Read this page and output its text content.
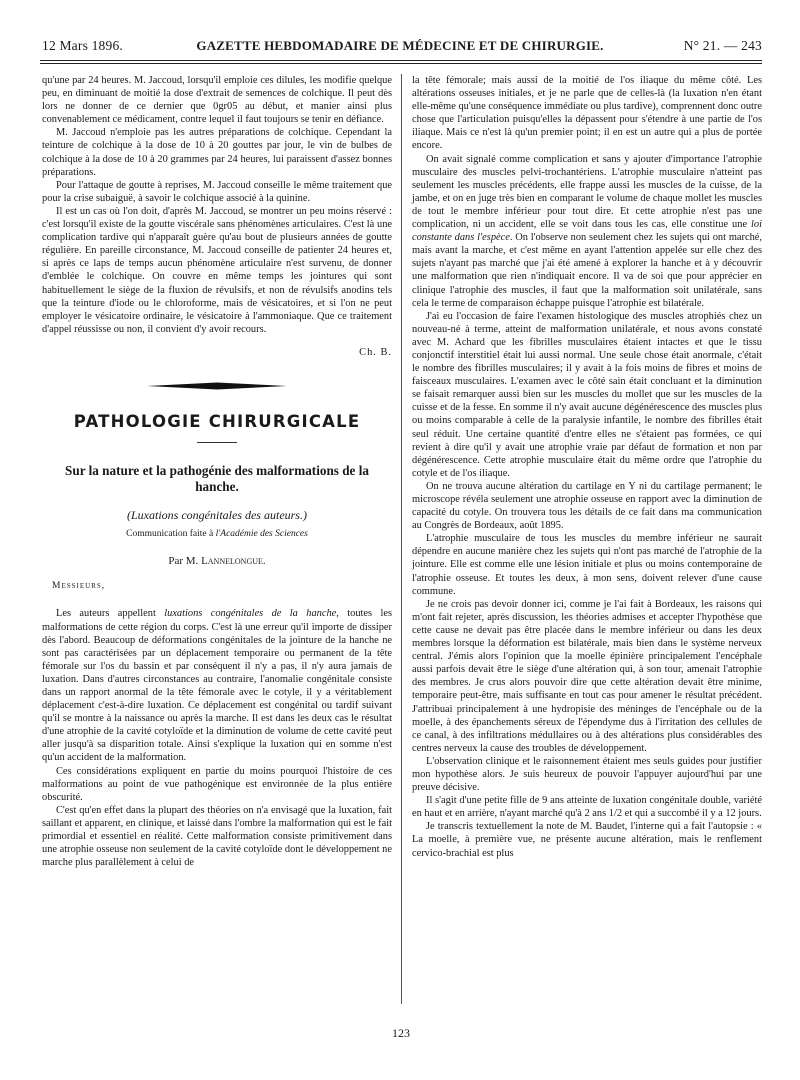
12 Mars 1896.	GAZETTE HEBDOMADAIRE DE MÉDECINE ET DE CHIRURGIE.	N° 21. — 243

qu'une par 24 heures. M. Jaccoud, lorsqu'il emploie ces dilules, les modifie quelque peu, en diminuant de moitié la dose d'extrait de semences de colchique. Il peut dès lors ne donner de ce dernier que 0gr05 au début, et manier ainsi plus convenablement ce médicament, contre lequel il faut toujours se tenir en défiance.

M. Jaccoud n'emploie pas les autres préparations de colchique. Cependant la teinture de colchique à la dose de 10 à 20 gouttes par jour, le vin de bulbes de colchique à la dose de 10 à 20 grammes par 24 heures, lui paraissent d'assez bonnes préparations.

Pour l'attaque de goutte à reprises, M. Jaccoud conseille le même traitement que pour la crise subaiguë, à savoir le colchique associé à la quinine.

Il est un cas où l'on doit, d'après M. Jaccoud, se montrer un peu moins réservé : c'est lorsqu'il existe de la goutte viscérale sans phénomènes articulaires. C'est là une complication tardive qui n'apparaît guère qu'au bout de plusieurs années de goutte régulière. En pareille circonstance, M. Jaccoud conseille de patienter 24 heures et, si après ce laps de temps aucun phénomène articulaire n'est survenu, de donner d'emblée le colchique. On couvre en même temps les jointures qui sont habituellement le siège de la fluxion de révulsifs, et non de révulsifs anodins tels que la teinture d'iode ou le chloroforme, mais de vésicatoires, et si l'on ne peut employer le vésicatoire ordinaire, le vésicatoire à l'ammoniaque. Que ce traitement d'appel réussisse ou non, il convient d'y avoir recours.

Ch. B.
PATHOLOGIE CHIRURGICALE
Sur la nature et la pathogénie des malformations de la hanche.
(Luxations congénitales des auteurs.)
Communication faite à l'Académie des Sciences
Par M. Lannelongue.
Messieurs,

Les auteurs appellent luxations congénitales de la hanche, toutes les malformations de cette région du corps. C'est là une erreur qu'il importe de dissiper dès l'abord. Beaucoup de déformations congénitales de la jointure de la hanche ne sont pas caractérisées par un déplacement temporaire ou permanent de la tête fémorale sur l'os du bassin et par conséquent il n'y a pas, il n'y aura jamais de luxation. Dans d'autres circonstances au contraire, l'anomalie congénitale consiste dans un rapport anormal de la tête fémorale avec le cotyle, il y a véritablement déplacement c'est-à-dire luxation. Ce déplacement est congénital ou tardif suivant qu'il se montre à la naissance ou après la marche. Il est dans les deux cas le résultat d'une atrophie de la cavité cotyloïde et la diminution de volume de cette cavité peut aller jusqu'à sa disparition totale. Ainsi s'explique la luxation qui en somme n'est qu'un accident de la malformation.

Ces considérations expliquent en partie du moins pourquoi l'histoire de ces malformations au point de vue pathogénique est environnée de la plus entière obscurité.

C'est qu'en effet dans la plupart des théories on n'a envisagé que la luxation, fait saillant et apparent, en clinique, et laissé dans l'ombre la malformation qui est le fait primordial et essentiel en réalité. Cette malformation consiste primitivement dans une atrophie osseuse non seulement de la cavité cotyloïde dont le développement ne marche plus parallèlement à celui de

la tête fémorale; mais aussi de la moitié de l'os iliaque du même côté. Les altérations osseuses initiales, et je ne parle que de celles-là (la luxation n'en étant elle-même qu'une conséquence immédiate ou plus tardive), comprennent donc outre chose que l'articulation puisqu'elles la dépassent pour s'étendre à une partie de l'os iliaque. Mais ce n'est là qu'un premier point; il en est un autre qui a plus de portée encore.

On avait signalé comme complication et sans y ajouter d'importance l'atrophie musculaire des muscles pelvi-trochantériens. L'atrophie musculaire n'atteint pas seulement les muscles précédents, elle frappe aussi les muscles de la cuisse, de la jambe, et on en juge très bien en comparant le volume de chaque mollet les muscles de tout le membre inférieur pour tout dire. Et cette atrophie n'est pas une complication, ni un accident, elle se voit dans tous les cas, elle constitue une loi constante dans l'espèce. On l'observe non seulement chez les sujets qui ont marché, mais avant la marche, et c'est même en ayant l'attention appelée sur elle chez des sujets n'ayant pas marché que j'ai été amené à explorer la hanche et à y découvrir une malformation que rien n'indiquait encore. Il va de soi que pour apprécier en clinique l'atrophie des muscles, il faut que la malformation soit unilatérale, sans cela le terme de comparaison échappe puisque l'atrophie est bilatérale.

J'ai eu l'occasion de faire l'examen histologique des muscles atrophiés chez un nouveau-né à terme, atteint de malformation unilatérale, et nous avons constaté avec M. Achard que les fibrilles musculaires étaient intactes et que le tissu conjonctif interstitiel était lui aussi normal. Une seule chose était anormale, c'était le nombre des fibrilles musculaires; il y avait à la fois moins de fibres et moins de faisceaux musculaires. L'examen avec le côté sain était concluant et la diminution se faisait remarquer aussi bien sur les muscles du mollet que sur les muscles de la cuisse et de la fesse. En somme il n'y avait aucune dégénérescence des muscles plus ou moins comparable à celle de la paralysie infantile, le nombre des fibrilles était seul réduit. Une certaine quantité d'entre elles ne s'étaient pas formées, ce qui revient à dire qu'il y avait une atrophie vraie par défaut de formation et non par dégénérescence. Cette atrophie musculaire était du même ordre que l'atrophie du cotyle et de l'os iliaque.

On ne trouva aucune altération du cartilage en Y ni du cartilage permanent; le microscope révéla seulement une atrophie osseuse en rapport avec la diminution de capacité du cotyle. On trouvera tous les détails de ce fait dans ma communication au Congrès de Bordeaux, août 1895.

L'atrophie musculaire de tous les muscles du membre inférieur ne saurait dépendre en aucune manière chez les sujets qui n'ont pas marché de l'atrophie de la jointure. Elle est comme elle une lésion initiale et plus ou moins contemporaine de l'atrophie osseuse. Et toutes les deux, à mon sens, doivent relever d'une cause commune.

Je ne crois pas devoir donner ici, comme je l'ai fait à Bordeaux, les raisons qui m'ont fait rejeter, après discussion, les théories admises et accepter l'hypothèse que cette cause ne devait pas être placée dans le membre inférieur ou dans les deux membres lorsque la déformation est bilatérale, mais bien dans le système nerveux central. J'émis alors l'opinion que la moelle épinière principalement l'encéphale aussi parfois devait être le siège d'une altération qui, à son tour, amenait l'atrophie des membres. Je crus alors pouvoir dire que cette altération devait être minime, temporaire peut-être, mais suffisante en tout cas pour amener le résultat précédent. J'attribuai principalement à une hydropisie des méninges de l'encéphale ou de la moelle, à des épanchements séreux de l'épendyme dus à l'irritation des cellules de ce canal, à des infiltrations médullaires ou à des altérations plus considérables des centres nerveux la cause des troubles de développement.

L'observation clinique et le raisonnement étaient mes seuls guides pour justifier mon hypothèse alors. Je suis heureux de pouvoir l'appuyer aujourd'hui par une preuve décisive.

Il s'agit d'une petite fille de 9 ans atteinte de luxation congénitale double, variété en haut et en arrière, n'ayant marché qu'à 2 ans 1/2 et qui a succombé il y a 12 jours.

Je transcris textuellement la note de M. Baudet, l'interne qui a fait l'autopsie : « La moelle, à première vue, ne présente aucune altération, mais le renflement cervico-brachial est plus

123
